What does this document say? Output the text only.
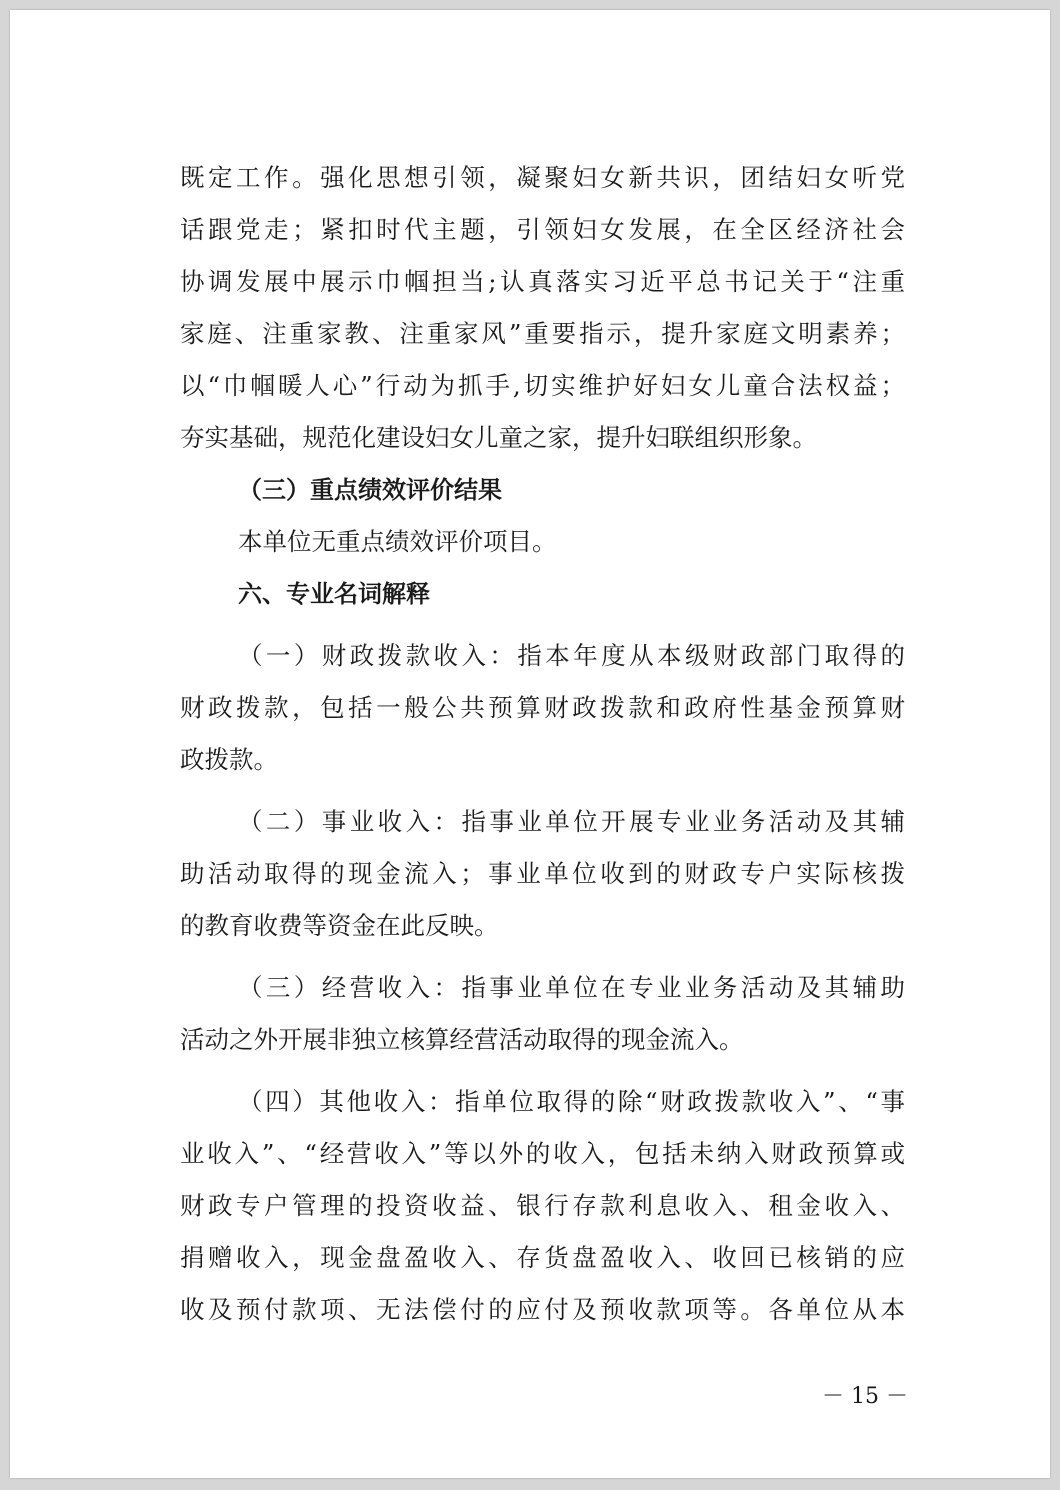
既定工作。强化思想引领，凝聚妇女新共识，团结妇女听党
话跟党走；紧扣时代主题，引领妇女发展，在全区经济社会
协调发展中展示巾帼担当;认真落实习近平总书记关于“注重
家庭、注重家教、注重家风”重要指示，提升家庭文明素养；
以“巾帼暖人心”行动为抓手,切实维护好妇女儿童合法权益；
夯实基础，规范化建设妇女儿童之家，提升妇联组织形象。
（三）重点绩效评价结果
本单位无重点绩效评价项目。
六、专业名词解释
（一）财政拨款收入：指本年度从本级财政部门取得的
财政拨款，包括一般公共预算财政拨款和政府性基金预算财
政拨款。
（二）事业收入：指事业单位开展专业业务活动及其辅
助活动取得的现金流入；事业单位收到的财政专户实际核拨
的教育收费等资金在此反映。
（三）经营收入：指事业单位在专业业务活动及其辅助
活动之外开展非独立核算经营活动取得的现金流入。
（四）其他收入：指单位取得的除“财政拨款收入”、“事
业收入”、“经营收入”等以外的收入，包括未纳入财政预算或
财政专户管理的投资收益、银行存款利息收入、租金收入、
捐赠收入，现金盘盈收入、存货盘盈收入、收回已核销的应
收及预付款项、无法偿付的应付及预收款项等。各单位从本
－ 15 －
